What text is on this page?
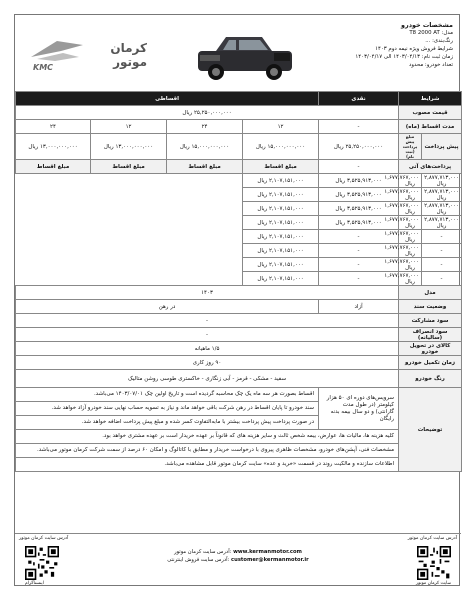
KMC
کرمان موتور
مشخصات خودرو
مدل: T8 2000 AT
رنگ‌بندی: ...
شرایط فروش ویژه نیمه دوم ۱۴۰۳
زمان ثبت نام: ۱۴۰۳/۰۴/۱۳ الی ۱۴۰۳/۰۴/۱۷
تعداد خودرو: محدود
شرایط		نقدی	اقساطی			
قیمت مصوب		۲۵,۲۵۰,۰۰۰,۰۰۰ ریال				
مدت اقساط (ماه)		-	۱۲	۲۴	۱۲	۲۴
پیش پرداخت	مبلغ پیش پرداخت (ثبت نام)	۲۵,۲۵۰,۰۰۰,۰۰۰ ریال	۱۵,۰۰۰,۰۰۰,۰۰۰ ریال	۱۵,۰۰۰,۰۰۰,۰۰۰ ریال	۱۳,۰۰۰,۰۰۰,۰۰۰ ریال	۱۳,۰۰۰,۰۰۰,۰۰۰ ریال
پرداخت‌های آتی		-	مبلغ اقساط	مبلغ اقساط	مبلغ اقساط	مبلغ اقساط
۲,۸۷۷,۷۱۳,۰۰۰ ریال	۱,۶۷۷,۷۶۷,۰۰۰ ریال	۳,۵۲۵,۹۱۳,۰۰۰ ریال	۲,۱۰۷,۱۵۱,۰۰۰ ریال			
۲,۸۷۷,۷۱۳,۰۰۰ ریال	۱,۶۷۷,۷۶۷,۰۰۰ ریال	۳,۵۲۵,۹۱۳,۰۰۰ ریال	۲,۱۰۷,۱۵۱,۰۰۰ ریال			
۲,۸۷۷,۷۱۳,۰۰۰ ریال	۱,۶۷۷,۷۶۷,۰۰۰ ریال	۳,۵۲۵,۹۱۳,۰۰۰ ریال	۲,۱۰۷,۱۵۱,۰۰۰ ریال			
۲,۸۷۷,۷۱۳,۰۰۰ ریال	۱,۶۷۷,۷۶۷,۰۰۰ ریال	۳,۵۲۵,۹۱۳,۰۰۰ ریال	۲,۱۰۷,۱۵۱,۰۰۰ ریال			
-	۱,۶۷۷,۷۶۷,۰۰۰ ریال	-	۲,۱۰۷,۱۵۱,۰۰۰ ریال			
-	۱,۶۷۷,۷۶۷,۰۰۰ ریال	-	۲,۱۰۷,۱۵۱,۰۰۰ ریال			
-	۱,۶۷۷,۷۶۷,۰۰۰ ریال	-	۲,۱۰۷,۱۵۱,۰۰۰ ریال			
-	۱,۶۷۷,۷۶۷,۰۰۰ ریال	-	۲,۱۰۷,۱۵۱,۰۰۰ ریال			
مدل		۱۴۰۳				
وضعیت سند		آزاد	در رهن			
سود مشارکت		-				
سود انصراف (سالیانه)		-				
کالای در تحویل خودرو		۱/۵ ماهیانه				
زمان تکمیل خودرو		۹۰ روز کاری				
رنگ خودرو		سفید - مشکی - قرمز - آبی زنگاری - خاکستری طوسی روشن متالیک				
توضیحات		سرویس‌های دوره ای ۵۰ هزار کیلومتر (در طول مدت گارانتی) و دو سال بیمه بدنه رایگان	اقساط بصورت هر سه ماه یک چک محاسبه گردیده است و تاریخ اولین چک ۱۴۰۳/۰۷/۰۱ می‌باشد.			
			سند خودرو تا پایان اقساط در رهن شرکت باقی خواهد ماند و نیاز به تسویه حساب نهایی سند خودرو آزاد خواهد شد.			
			در صورت پرداخت پیش پرداخت بیشتر با مابه‌التفاوت کسر شده و مبلغ پیش پرداخت اضافه خواهد شد.			
		کلیه هزینه ها، مالیات ها، عوارض، بیمه شخص ثالث و سایر هزینه های که قانوناً بر عهده خریدار است بر عهده مشتری خواهد بود.				
		مشخصات فنی، آپشن‌های خودرو، مشخصات ظاهری پیروی با درخواست خریدار و مطابق با کاتالوگ و امکان ۶۰ درصد از سمت شرکت کرمان موتور می‌باشد.				
		اطلاعات سازنده و مالکیت روند در قسمت «خرید و عده» سایت کرمان موتور قابل مشاهده می‌باشد.				
آدرس سایت کرمان موتور
اینستاگرام
آدرس سایت کرمان موتور: www.kermanmotor.com
آدرس سایت فروش اینترنتی: customer@kermanmotor.ir
آدرس سایت کرمان موتور
سایت کرمان موتور
